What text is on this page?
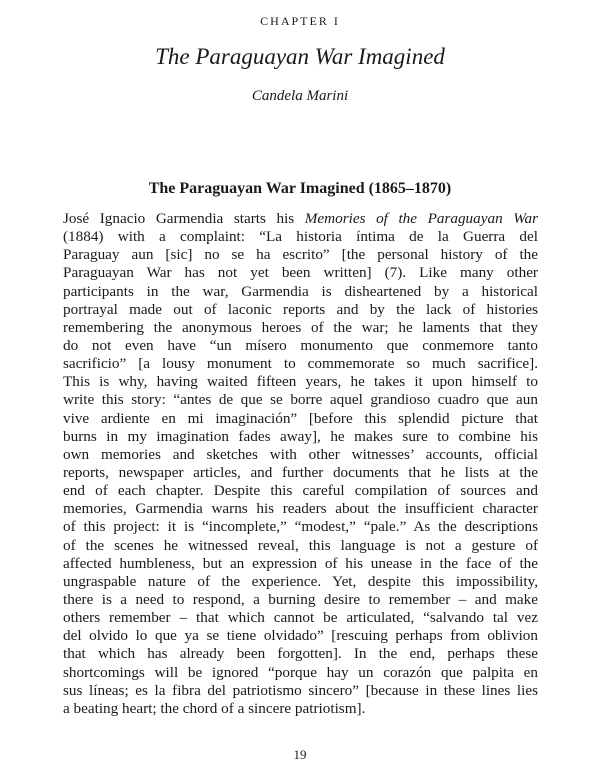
CHAPTER I
The Paraguayan War Imagined
Candela Marini
The Paraguayan War Imagined (1865–1870)
José Ignacio Garmendia starts his Memories of the Paraguayan War
(1884) with a complaint: “La historia íntima de la Guerra del
Paraguay aun [sic] no se ha escrito” [the personal history of the
Paraguayan War has not yet been written] (7). Like many other
participants in the war, Garmendia is disheartened by a historical
portrayal made out of laconic reports and by the lack of histories
remembering the anonymous heroes of the war; he laments that they
do not even have “un mísero monumento que conmemore tanto
sacrificio” [a lousy monument to commemorate so much sacrifice].
This is why, having waited fifteen years, he takes it upon himself to
write this story: “antes de que se borre aquel grandioso cuadro que aun
vive ardiente en mi imaginación” [before this splendid picture that
burns in my imagination fades away], he makes sure to combine his
own memories and sketches with other witnesses’ accounts, official
reports, newspaper articles, and further documents that he lists at the
end of each chapter. Despite this careful compilation of sources and
memories, Garmendia warns his readers about the insufficient character
of this project: it is “incomplete,” “modest,” “pale.” As the descriptions
of the scenes he witnessed reveal, this language is not a gesture of
affected humbleness, but an expression of his unease in the face of the
ungraspable nature of the experience. Yet, despite this impossibility,
there is a need to respond, a burning desire to remember – and make
others remember – that which cannot be articulated, “salvando tal vez
del olvido lo que ya se tiene olvidado” [rescuing perhaps from oblivion
that which has already been forgotten]. In the end, perhaps these
shortcomings will be ignored “porque hay un corazón que palpita en
sus líneas; es la fibra del patriotismo sincero” [because in these lines lies
a beating heart; the chord of a sincere patriotism].
19
